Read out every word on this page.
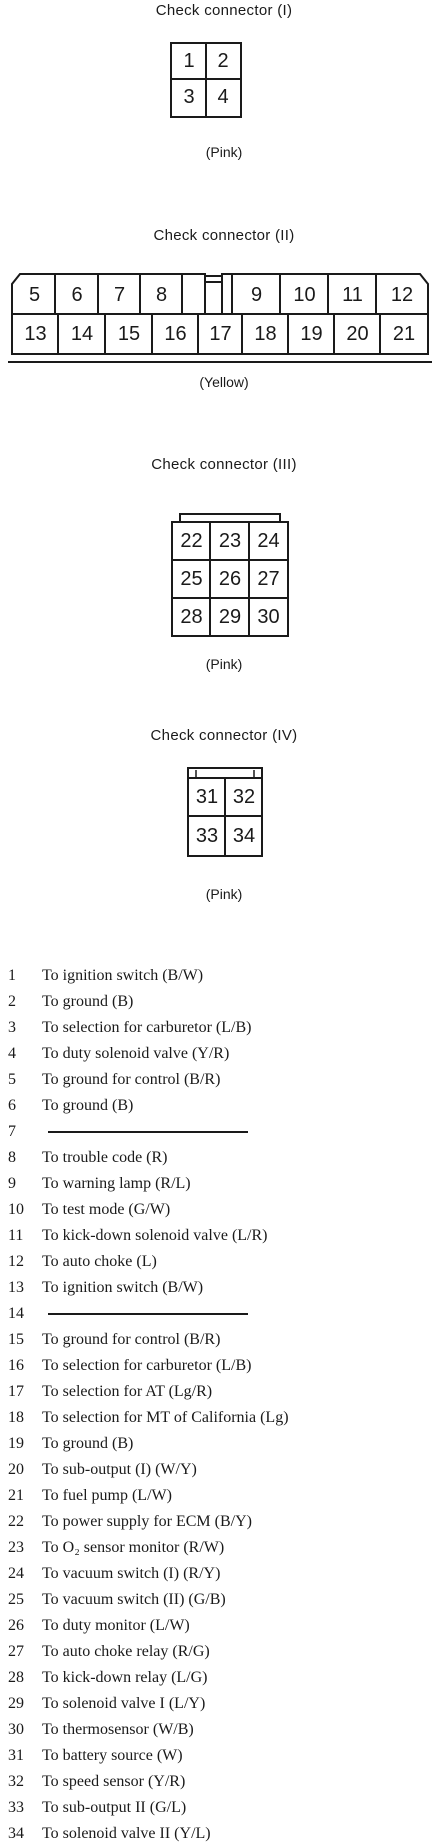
Check connector (I)
1	2
3	4
(Pink)
Check connector (II)
5	6	7	8	9	10	11	12
13	14	15	16	17	18	19	20	21
(Yellow)
Check connector (III)
22 23 24
25 26 27
28 29 30
(Pink)
Check connector (IV)
31 32
33 34
(Pink)
1 To ignition switch (B/W)
2 To ground (B)
3 To selection for carburetor (L/B)
4 To duty solenoid valve (Y/R)
5 To ground for control (B/R)
6 To ground (B)
7
8 To trouble code (R)
9 To warning lamp (R/L)
10 To test mode (G/W)
11 To kick-down solenoid valve (L/R)
12 To auto choke (L)
13 To ignition switch (B/W)
14
15 To ground for control (B/R)
16 To selection for carburetor (L/B)
17 To selection for AT (Lg/R)
18 To selection for MT of California (Lg)
19 To ground (B)
20 To sub-output (I) (W/Y)
21 To fuel pump (L/W)
22 To power supply for ECM (B/Y)
23 To O₂ sensor monitor (R/W)
24 To vacuum switch (I) (R/Y)
25 To vacuum switch (II) (G/B)
26 To duty monitor (L/W)
27 To auto choke relay (R/G)
28 To kick-down relay (L/G)
29 To solenoid valve I (L/Y)
30 To thermosensor (W/B)
31 To battery source (W)
32 To speed sensor (Y/R)
33 To sub-output II (G/L)
34 To solenoid valve II (Y/L)
